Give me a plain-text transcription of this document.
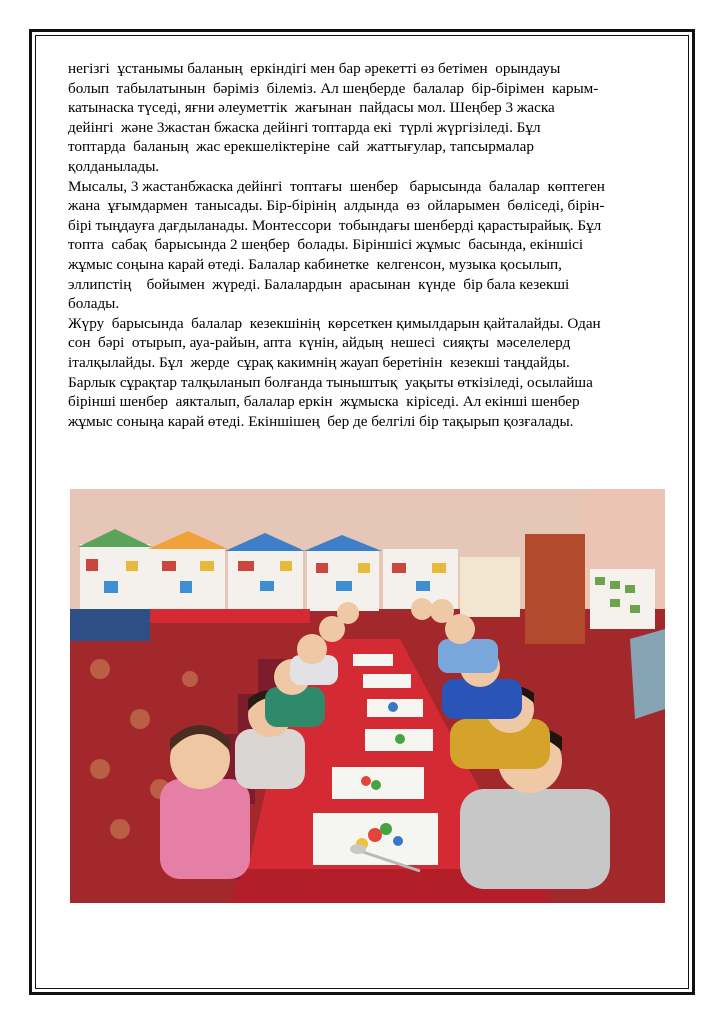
негізгі  ұстанымы баланың  еркіндігі мен бар әрекетті өз бетімен  орындауы
болып  табылатынын  бәріміз  білеміз. Ал шеңберде  балалар  бір-бірімен  карым-
катынаска түседі, яғни әлеуметтік  жағынан  пайдасы мол. Шеңбер 3 жаска
дейінгі  және 3жастан бжаска дейінгі топтарда екі  түрлі жүргізіледі. Бұл
топтарда  баланың  жас ерекшеліктеріне  сай  жаттығулар, тапсырмалар
қолданылады.
Мысалы, 3 жастанбжаска дейінгі  топтағы  шенбер   барысында  балалар  көптеген
жана  ұғымдармен  танысады. Бір-бірінің  алдында  өз  ойларымен  бөліседі, бірін-
бірі тыңдауға дағдыланады. Монтессори  тобындағы шенберді қарастырайық. Бұл
топта  сабақ  барысында 2 шеңбер  болады. Біріншісі жұмыс  басында, екіншісі
жұмыс соңына карай өтеді. Балалар кабинетке  келгенсон, музыка қосылып,
эллипстің    бойымен  жүреді. Балалардын  арасынан  күнде  бір бала кезекші
болады.
Жүру  барысында  балалар  кезекшінің  көрсеткен қимылдарын қайталайды. Одан
сон  бәрі  отырып, ауа-райын, апта  күнін, айдың  нешесі  сияқты  мәселелерд
італқылайды. Бұл  жерде  сұрақ какимнің жауап беретінін  кезекші таңдайды.
Барлык сұрақтар талқыланып болғанда тыныштық  уақыты өткізіледі, осылайша
бірінші шенбер  аякталып, балалар еркін  жұмыска  кіріседі. Ал екінші шенбер
жұмыс соныңа карай өтеді. Екіншішең  бер де белгілі бір тақырып қозғалады.
